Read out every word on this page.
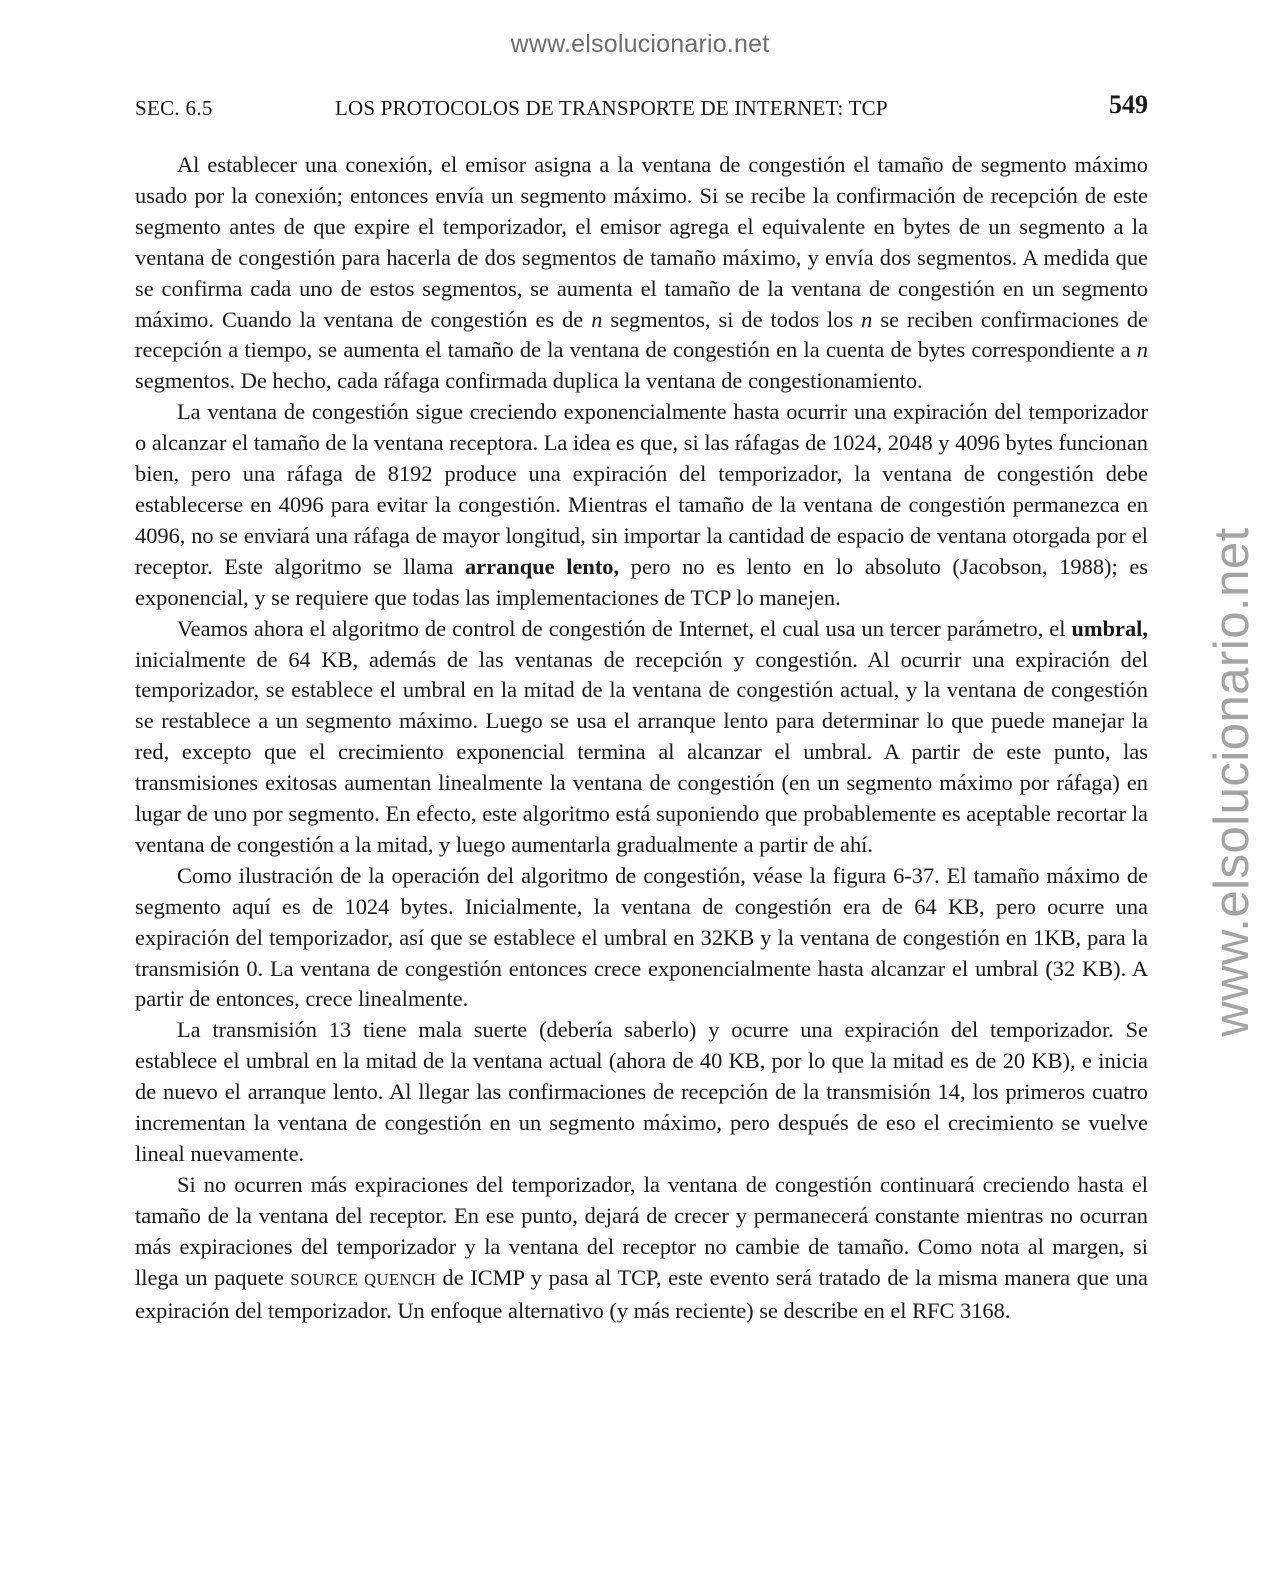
www.elsolucionario.net
www.elsolucionario.net
SEC. 6.5	LOS PROTOCOLOS DE TRANSPORTE DE INTERNET: TCP	549

Al establecer una conexión, el emisor asigna a la ventana de congestión el tamaño de segmento máximo usado por la conexión; entonces envía un segmento máximo. Si se recibe la confirmación de recepción de este segmento antes de que expire el temporizador, el emisor agrega el equivalente en bytes de un segmento a la ventana de congestión para hacerla de dos segmentos de tamaño máximo, y envía dos segmentos. A medida que se confirma cada uno de estos segmentos, se aumenta el tamaño de la ventana de congestión en un segmento máximo. Cuando la ventana de congestión es de n segmentos, si de todos los n se reciben confirmaciones de recepción a tiempo, se aumenta el tamaño de la ventana de congestión en la cuenta de bytes correspondiente a n segmentos. De hecho, cada ráfaga confirmada duplica la ventana de congestionamiento.

La ventana de congestión sigue creciendo exponencialmente hasta ocurrir una expiración del temporizador o alcanzar el tamaño de la ventana receptora. La idea es que, si las ráfagas de 1024, 2048 y 4096 bytes funcionan bien, pero una ráfaga de 8192 produce una expiración del temporizador, la ventana de congestión debe establecerse en 4096 para evitar la congestión. Mientras el tamaño de la ventana de congestión permanezca en 4096, no se enviará una ráfaga de mayor longitud, sin importar la cantidad de espacio de ventana otorgada por el receptor. Este algoritmo se llama arranque lento, pero no es lento en lo absoluto (Jacobson, 1988); es exponencial, y se requiere que todas las implementaciones de TCP lo manejen.

Veamos ahora el algoritmo de control de congestión de Internet, el cual usa un tercer parámetro, el umbral, inicialmente de 64 KB, además de las ventanas de recepción y congestión. Al ocurrir una expiración del temporizador, se establece el umbral en la mitad de la ventana de congestión actual, y la ventana de congestión se restablece a un segmento máximo. Luego se usa el arranque lento para determinar lo que puede manejar la red, excepto que el crecimiento exponencial termina al alcanzar el umbral. A partir de este punto, las transmisiones exitosas aumentan linealmente la ventana de congestión (en un segmento máximo por ráfaga) en lugar de uno por segmento. En efecto, este algoritmo está suponiendo que probablemente es aceptable recortar la ventana de congestión a la mitad, y luego aumentarla gradualmente a partir de ahí.

Como ilustración de la operación del algoritmo de congestión, véase la figura 6-37. El tamaño máximo de segmento aquí es de 1024 bytes. Inicialmente, la ventana de congestión era de 64 KB, pero ocurre una expiración del temporizador, así que se establece el umbral en 32KB y la ventana de congestión en 1KB, para la transmisión 0. La ventana de congestión entonces crece exponencialmente hasta alcanzar el umbral (32 KB). A partir de entonces, crece linealmente.

La transmisión 13 tiene mala suerte (debería saberlo) y ocurre una expiración del temporizador. Se establece el umbral en la mitad de la ventana actual (ahora de 40 KB, por lo que la mitad es de 20 KB), e inicia de nuevo el arranque lento. Al llegar las confirmaciones de recepción de la transmisión 14, los primeros cuatro incrementan la ventana de congestión en un segmento máximo, pero después de eso el crecimiento se vuelve lineal nuevamente.

Si no ocurren más expiraciones del temporizador, la ventana de congestión continuará creciendo hasta el tamaño de la ventana del receptor. En ese punto, dejará de crecer y permanecerá constante mientras no ocurran más expiraciones del temporizador y la ventana del receptor no cambie de tamaño. Como nota al margen, si llega un paquete SOURCE QUENCH de ICMP y pasa al TCP, este evento será tratado de la misma manera que una expiración del temporizador. Un enfoque alternativo (y más reciente) se describe en el RFC 3168.
